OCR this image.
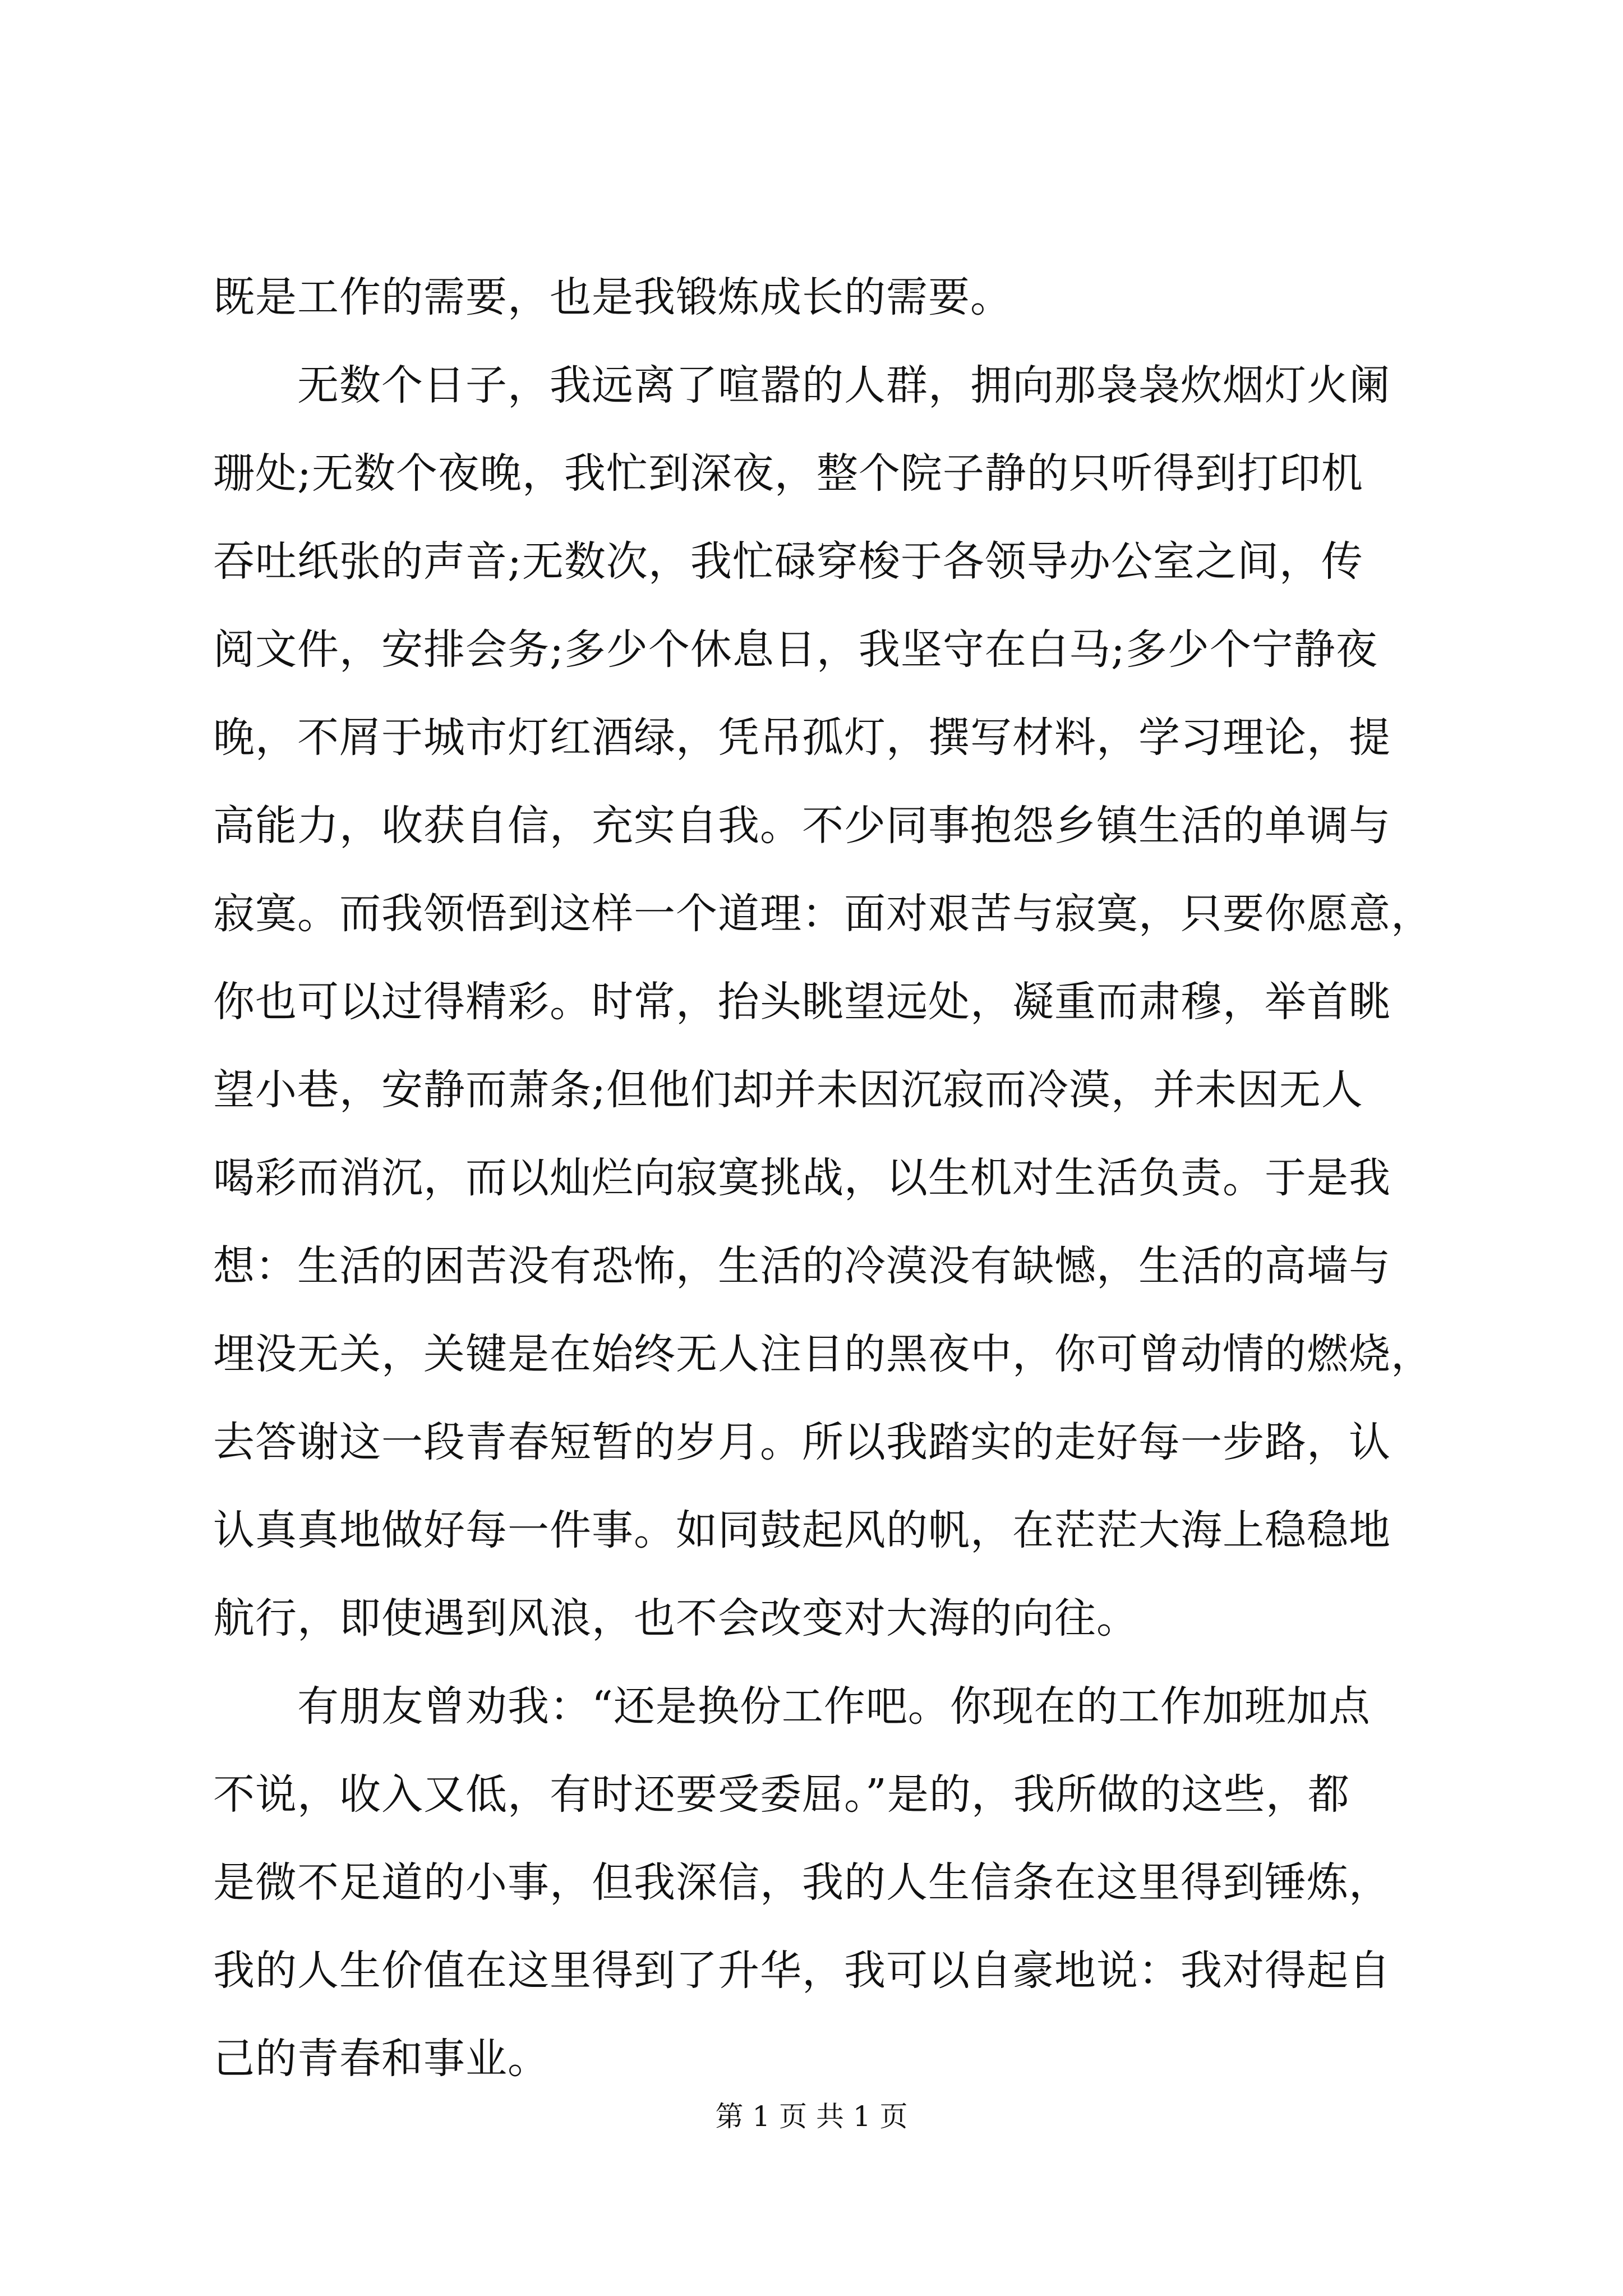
既是工作的需要，也是我锻炼成长的需要。
　　无数个日子，我远离了喧嚣的人群，拥向那袅袅炊烟灯火阑
珊处;无数个夜晚，我忙到深夜，整个院子静的只听得到打印机
吞吐纸张的声音;无数次，我忙碌穿梭于各领导办公室之间，传
阅文件，安排会务;多少个休息日，我坚守在白马;多少个宁静夜
晚，不屑于城市灯红酒绿，凭吊孤灯，撰写材料，学习理论，提
高能力，收获自信，充实自我。不少同事抱怨乡镇生活的单调与
寂寞。而我领悟到这样一个道理：面对艰苦与寂寞，只要你愿意，
你也可以过得精彩。时常，抬头眺望远处，凝重而肃穆，举首眺
望小巷，安静而萧条;但他们却并未因沉寂而冷漠，并未因无人
喝彩而消沉，而以灿烂向寂寞挑战，以生机对生活负责。于是我
想：生活的困苦没有恐怖，生活的冷漠没有缺憾，生活的高墙与
埋没无关，关键是在始终无人注目的黑夜中，你可曾动情的燃烧，
去答谢这一段青春短暂的岁月。所以我踏实的走好每一步路，认
认真真地做好每一件事。如同鼓起风的帆，在茫茫大海上稳稳地
航行，即使遇到风浪，也不会改变对大海的向往。
　　有朋友曾劝我：“还是换份工作吧。你现在的工作加班加点
不说，收入又低，有时还要受委屈。”是的，我所做的这些，都
是微不足道的小事，但我深信，我的人生信条在这里得到锤炼，
我的人生价值在这里得到了升华，我可以自豪地说：我对得起自
己的青春和事业。
第 1 页 共 1 页
